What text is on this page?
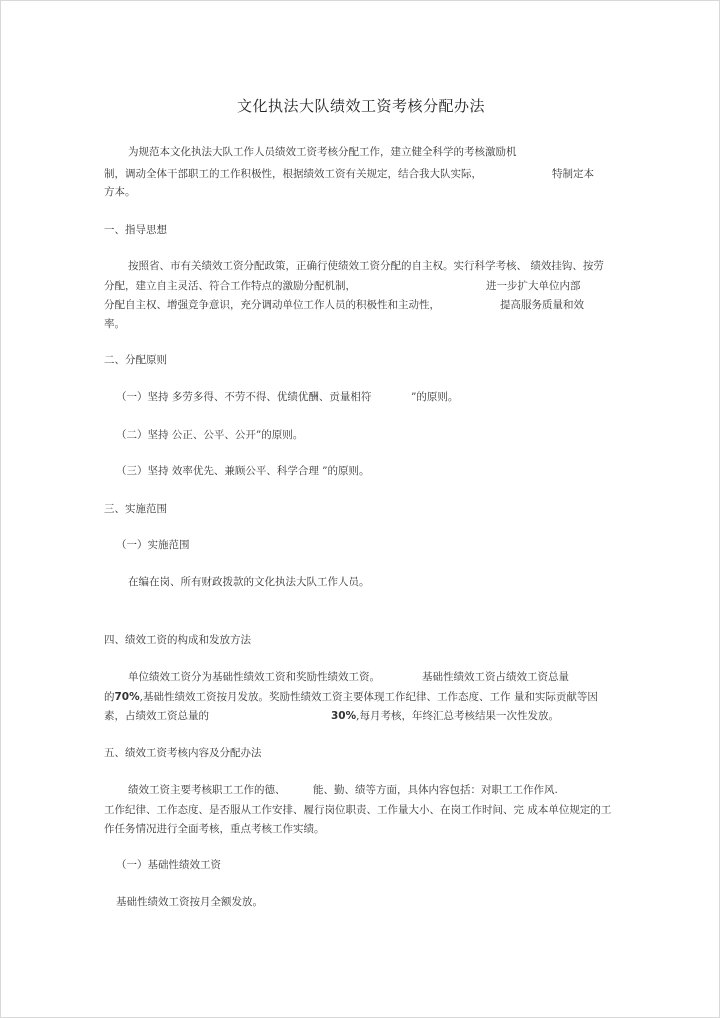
文化执法大队绩效工资考核分配办法
为规范本文化执法大队工作人员绩效工资考核分配工作，建立健全科学的考核激励机
制，调动全体干部职工的工作积极性，根据绩效工资有关规定，结合我大队实际，	特制定本
方本。
一、指导思想
按照省、市有关绩效工资分配政策，正确行使绩效工资分配的自主权。实行科学考核、 绩效挂钩、按劳
分配，建立自主灵活、符合工作特点的激励分配机制，	进一步扩大单位内部
分配自主权、增强竞争意识，充分调动单位工作人员的积极性和主动性，	提高服务质量和效
率。
二、分配原则
（一）坚持 多劳多得、不劳不得、优绩优酬、贡量相符	”的原则。
（二）坚持 公正、公平、公开”的原则。
（三）坚持 效率优先、兼顾公平、科学合理 ”的原则。
三、实施范围
（一）实施范围
在编在岗、所有财政拨款的文化执法大队工作人员。
四、绩效工资的构成和发放方法
单位绩效工资分为基础性绩效工资和奖励性绩效工资。	基础性绩效工资占绩效工资总量
的70%,基础性绩效工资按月发放。奖励性绩效工资主要体现工作纪律、工作态度、工作 量和实际贡献等因
素，占绩效工资总量的	30%,每月考核，年终汇总考核结果一次性发放。
五、绩效工资考核内容及分配办法
绩效工资主要考核职工工作的德、	能、勤、绩等方面，具体内容包括：对职工工作作风.
工作纪律、工作态度、是否服从工作安排、履行岗位职责、工作量大小、在岗工作时间、完 成本单位规定的工
作任务情况进行全面考核，重点考核工作实绩。
（一）基础性绩效工资
基础性绩效工资按月全额发放。
